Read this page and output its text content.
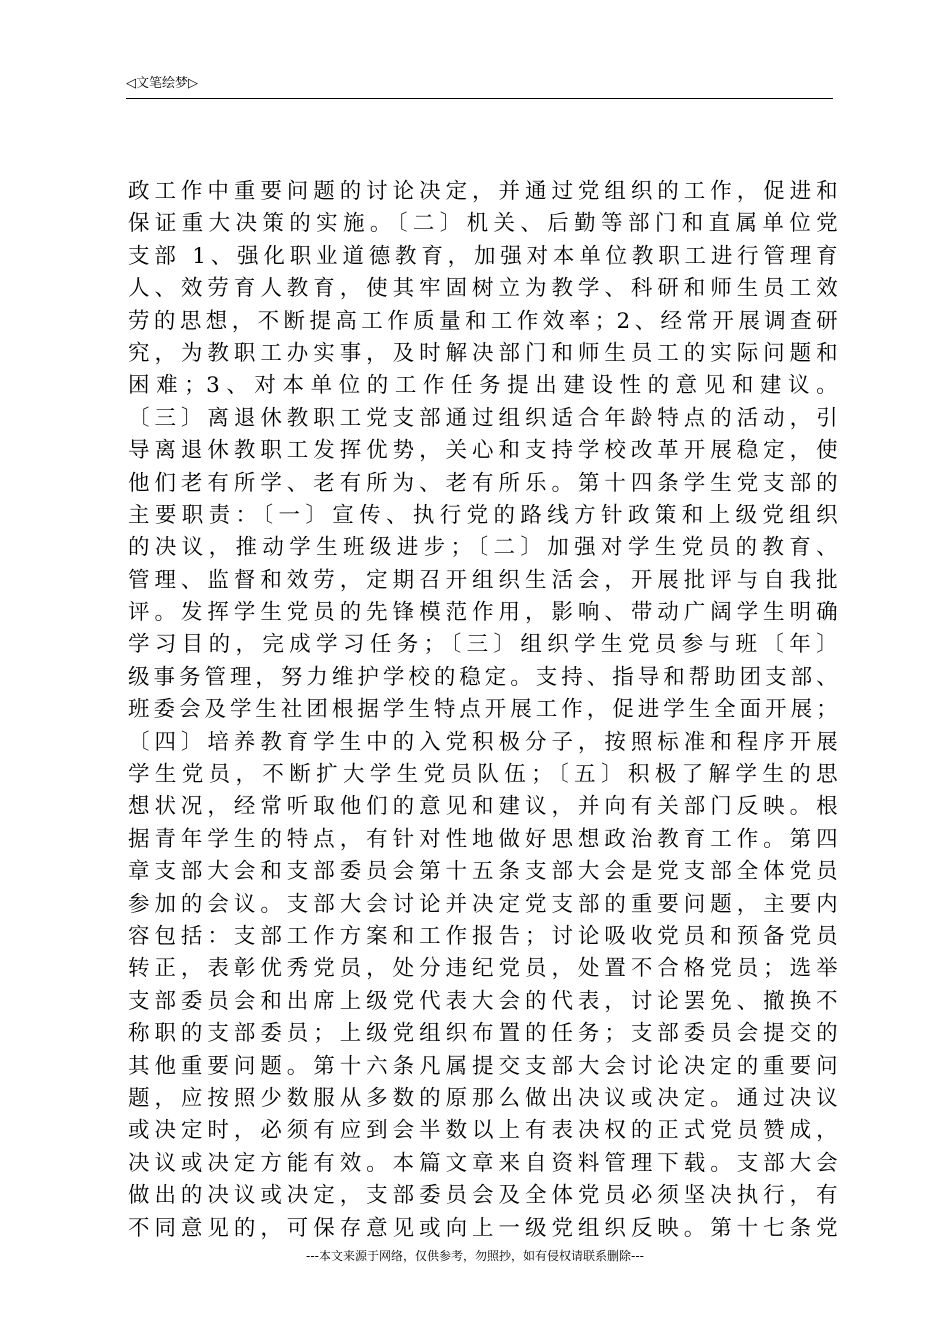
◁文笔绘梦▷
政工作中重要问题的讨论决定，并通过党组织的工作，促进和
保证重大决策的实施。〔二〕机关、后勤等部门和直属单位党
支部 1、强化职业道德教育，加强对本单位教职工进行管理育
人、效劳育人教育，使其牢固树立为教学、科研和师生员工效
劳的思想，不断提高工作质量和工作效率；2、经常开展调查研
究，为教职工办实事，及时解决部门和师生员工的实际问题和
困难；3、对本单位的工作任务提出建设性的意见和建议。
〔三〕离退休教职工党支部通过组织适合年龄特点的活动，引
导离退休教职工发挥优势，关心和支持学校改革开展稳定，使
他们老有所学、老有所为、老有所乐。第十四条学生党支部的
主要职责：〔一〕宣传、执行党的路线方针政策和上级党组织
的决议，推动学生班级进步；〔二〕加强对学生党员的教育、
管理、监督和效劳，定期召开组织生活会，开展批评与自我批
评。发挥学生党员的先锋模范作用，影响、带动广阔学生明确
学习目的，完成学习任务；〔三〕组织学生党员参与班〔年〕
级事务管理，努力维护学校的稳定。支持、指导和帮助团支部、
班委会及学生社团根据学生特点开展工作，促进学生全面开展；
〔四〕培养教育学生中的入党积极分子，按照标准和程序开展
学生党员，不断扩大学生党员队伍；〔五〕积极了解学生的思
想状况，经常听取他们的意见和建议，并向有关部门反映。根
据青年学生的特点，有针对性地做好思想政治教育工作。第四
章支部大会和支部委员会第十五条支部大会是党支部全体党员
参加的会议。支部大会讨论并决定党支部的重要问题，主要内
容包括：支部工作方案和工作报告；讨论吸收党员和预备党员
转正，表彰优秀党员，处分违纪党员，处置不合格党员；选举
支部委员会和出席上级党代表大会的代表，讨论罢免、撤换不
称职的支部委员；上级党组织布置的任务；支部委员会提交的
其他重要问题。第十六条凡属提交支部大会讨论决定的重要问
题，应按照少数服从多数的原那么做出决议或决定。通过决议
或决定时，必须有应到会半数以上有表决权的正式党员赞成，
决议或决定方能有效。本篇文章来自资料管理下载。支部大会
做出的决议或决定，支部委员会及全体党员必须坚决执行，有
不同意见的，可保存意见或向上一级党组织反映。第十七条党
---本文来源于网络，仅供参考，勿照抄，如有侵权请联系删除---
